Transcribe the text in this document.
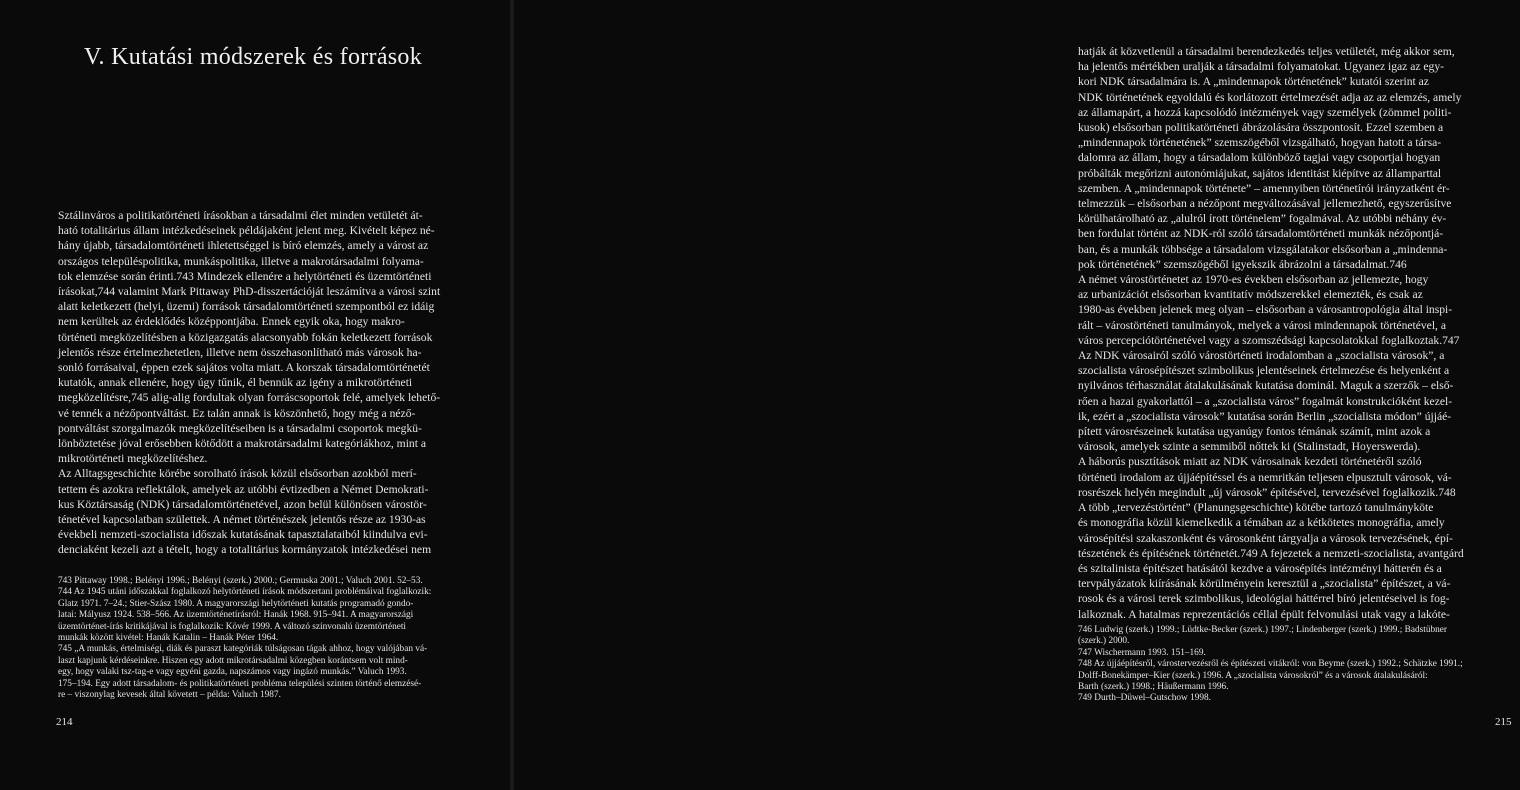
V. Kutatási módszerek és források
Sztálinváros a politikatörténeti írásokban a társadalmi élet minden vetületét át-
ható totalitárius állam intézkedéseinek példájaként jelent meg. Kivételt képez né-
hány újabb, társadalomtörténeti ihletettséggel is bíró elemzés, amely a várost az
országos településpolitika, munkáspolitika, illetve a makrotársadalmi folyama-
tok elemzése során érinti.743 Mindezek ellenére a helytörténeti és üzemtörténeti
írásokat,744 valamint Mark Pittaway PhD-disszertációját leszámítva a városi szint
alatt keletkezett (helyi, üzemi) források társadalomtörténeti szempontból ez idáig
nem kerültek az érdeklődés középpontjába. Ennek egyik oka, hogy makro-
történeti megközelítésben a közigazgatás alacsonyabb fokán keletkezett források
jelentős része értelmezhetetlen, illetve nem összehasonlítható más városok ha-
sonló forrásaival, éppen ezek sajátos volta miatt. A korszak társadalomtörténetét
kutatók, annak ellenére, hogy úgy tűnik, él bennük az igény a mikrotörténeti
megközelítésre,745 alig-alig fordultak olyan forráscsoportok felé, amelyek lehető-
vé tennék a nézőpontváltást. Ez talán annak is köszönhető, hogy még a néző-
pontváltást szorgalmazók megközelítéseiben is a társadalmi csoportok megkü-
lönböztetése jóval erősebben kötődött a makrotársadalmi kategóriákhoz, mint a
mikrotörténeti megközelítéshez.
Az Alltagsgeschichte körébe sorolható írások közül elsősorban azokból merí-
tettem és azokra reflektálok, amelyek az utóbbi évtizedben a Német Demokrati-
kus Köztársaság (NDK) társadalomtörténetével, azon belül különösen várostör-
ténetével kapcsolatban születtek. A német történészek jelentős része az 1930-as
évekbeli nemzeti-szocialista időszak kutatásának tapasztalataiból kiindulva evi-
denciaként kezeli azt a tételt, hogy a totalitárius kormányzatok intézkedései nem
743 Pittaway 1998.; Belényi 1996.; Belényi (szerk.) 2000.; Germuska 2001.; Valuch 2001. 52–53.
744 Az 1945 utáni időszakkal foglalkozó helytörténeti írások módszertani problémáival foglalkozik:
Glatz 1971. 7–24.; Stier-Szász 1980. A magyarországi helytörténeti kutatás programadó gondo-
latai: Mályusz 1924. 538–566. Az üzemtörténetírásról: Hanák 1968. 915–941. A magyarországi
üzemtörténet-írás kritikájával is foglalkozik: Kövér 1999. A változó színvonalú üzemtörténeti
munkák között kivétel: Hanák Katalin – Hanák Péter 1964.
745 „A munkás, értelmiségi, diák és paraszt kategóriák túlságosan tágak ahhoz, hogy valójában vá-
laszt kapjunk kérdéseinkre. Hiszen egy adott mikrotársadalmi közegben korántsem volt mind-
egy, hogy valaki tsz-tag-e vagy egyéni gazda, napszámos vagy ingázó munkás.” Valuch 1993.
175–194. Egy adott társadalom- és politikatörténeti probléma települési szinten történő elemzésé-
re – viszonylag kevesek által követett – példa: Valuch 1987.
214
hatják át közvetlenül a társadalmi berendezkedés teljes vetületét, még akkor sem,
ha jelentős mértékben uralják a társadalmi folyamatokat. Ugyanez igaz az egy-
kori NDK társadalmára is. A „mindennapok történetének” kutatói szerint az
NDK történetének egyoldalú és korlátozott értelmezését adja az az elemzés, amely
az államapárt, a hozzá kapcsolódó intézmények vagy személyek (zömmel politi-
kusok) elsősorban politikatörténeti ábrázolására összpontosít. Ezzel szemben a
„mindennapok történetének” szemszögéből vizsgálható, hogyan hatott a társa-
dalomra az állam, hogy a társadalom különböző tagjai vagy csoportjai hogyan
próbálták megőrizni autonómiájukat, sajátos identitást kiépítve az államparttal
szemben. A „mindennapok története” – amennyiben történetírói irányzatként ér-
telmezzük – elsősorban a nézőpont megváltozásával jellemezhető, egyszerűsítve
körülhatárolható az „alulról írott történelem” fogalmával. Az utóbbi néhány év-
ben fordulat történt az NDK-ról szóló társadalomtörténeti munkák nézőpontjá-
ban, és a munkák többsége a társadalom vizsgálatakor elsősorban a „mindenna-
pok történetének” szemszögéből igyekszik ábrázolni a társadalmat.746
A német várostörténetet az 1970-es években elsősorban az jellemezte, hogy
az urbanizációt elsősorban kvantitatív módszerekkel elemezték, és csak az
1980-as években jelenek meg olyan – elsősorban a városantropológia által inspi-
rált – várostörténeti tanulmányok, melyek a városi mindennapok történetével, a
város percepciótörténetével vagy a szomszédsági kapcsolatokkal foglalkoztak.747
Az NDK városairól szóló várostörténeti irodalomban a „szocialista városok”, a
szocialista városépítészet szimbolikus jelentéseinek értelmezése és helyenként a
nyilvános térhasználat átalakulásának kutatása dominál. Maguk a szerzők – első-
rően a hazai gyakorlattól – a „szocialista város” fogalmát konstrukcióként kezel-
ik, ezért a „szocialista városok” kutatása során Berlin „szocialista módon” újjáé-
pített városrészeinek kutatása ugyanúgy fontos témának számít, mint azok a
városok, amelyek szinte a semmiből nőttek ki (Stalinstadt, Hoyerswerda).
A háborús pusztítások miatt az NDK városainak kezdeti történetéről szóló
történeti irodalom az újjáépítéssel és a nemritkán teljesen elpusztult városok, vá-
rosrészek helyén megindult „új városok” építésével, tervezésével foglalkozik.748
A több „tervezéstörtént” (Planungsgeschichte) kötébe tartozó tanulmányköte
és monográfia közül kiemelkedik a témában az a kétkötetes monográfia, amely
városépítési szakaszonként és városonként tárgyalja a városok tervezésének, épí-
tészetének és építésének történetét.749 A fejezetek a nemzeti-szocialista, avantgárd
és szitalinista építészet hatásától kezdve a városépítés intézményi hátterén és a
tervpályázatok kiírásának körülményein keresztül a „szocialista” építészet, a vá-
rosok és a városi terek szimbolikus, ideológiai háttérrel bíró jelentéseivel is fog-
lalkoznak. A hatalmas reprezentációs céllal épült felvonulási utak vagy a lakóte-
746 Ludwig (szerk.) 1999.; Lüdtke-Becker (szerk.) 1997.; Lindenberger (szerk.) 1999.; Badstübner
(szerk.) 2000.
747 Wischermann 1993. 151–169.
748 Az újjáépítésről, várostervezésről és építészeti vitákról: von Beyme (szerk.) 1992.; Schätzke 1991.;
Dolff-Bonekämper–Kier (szerk.) 1996. A „szocialista városokról” és a városok átalakulásáról:
Barth (szerk.) 1998.; Häußermann 1996.
749 Durth–Düwel–Gutschow 1998.
215
